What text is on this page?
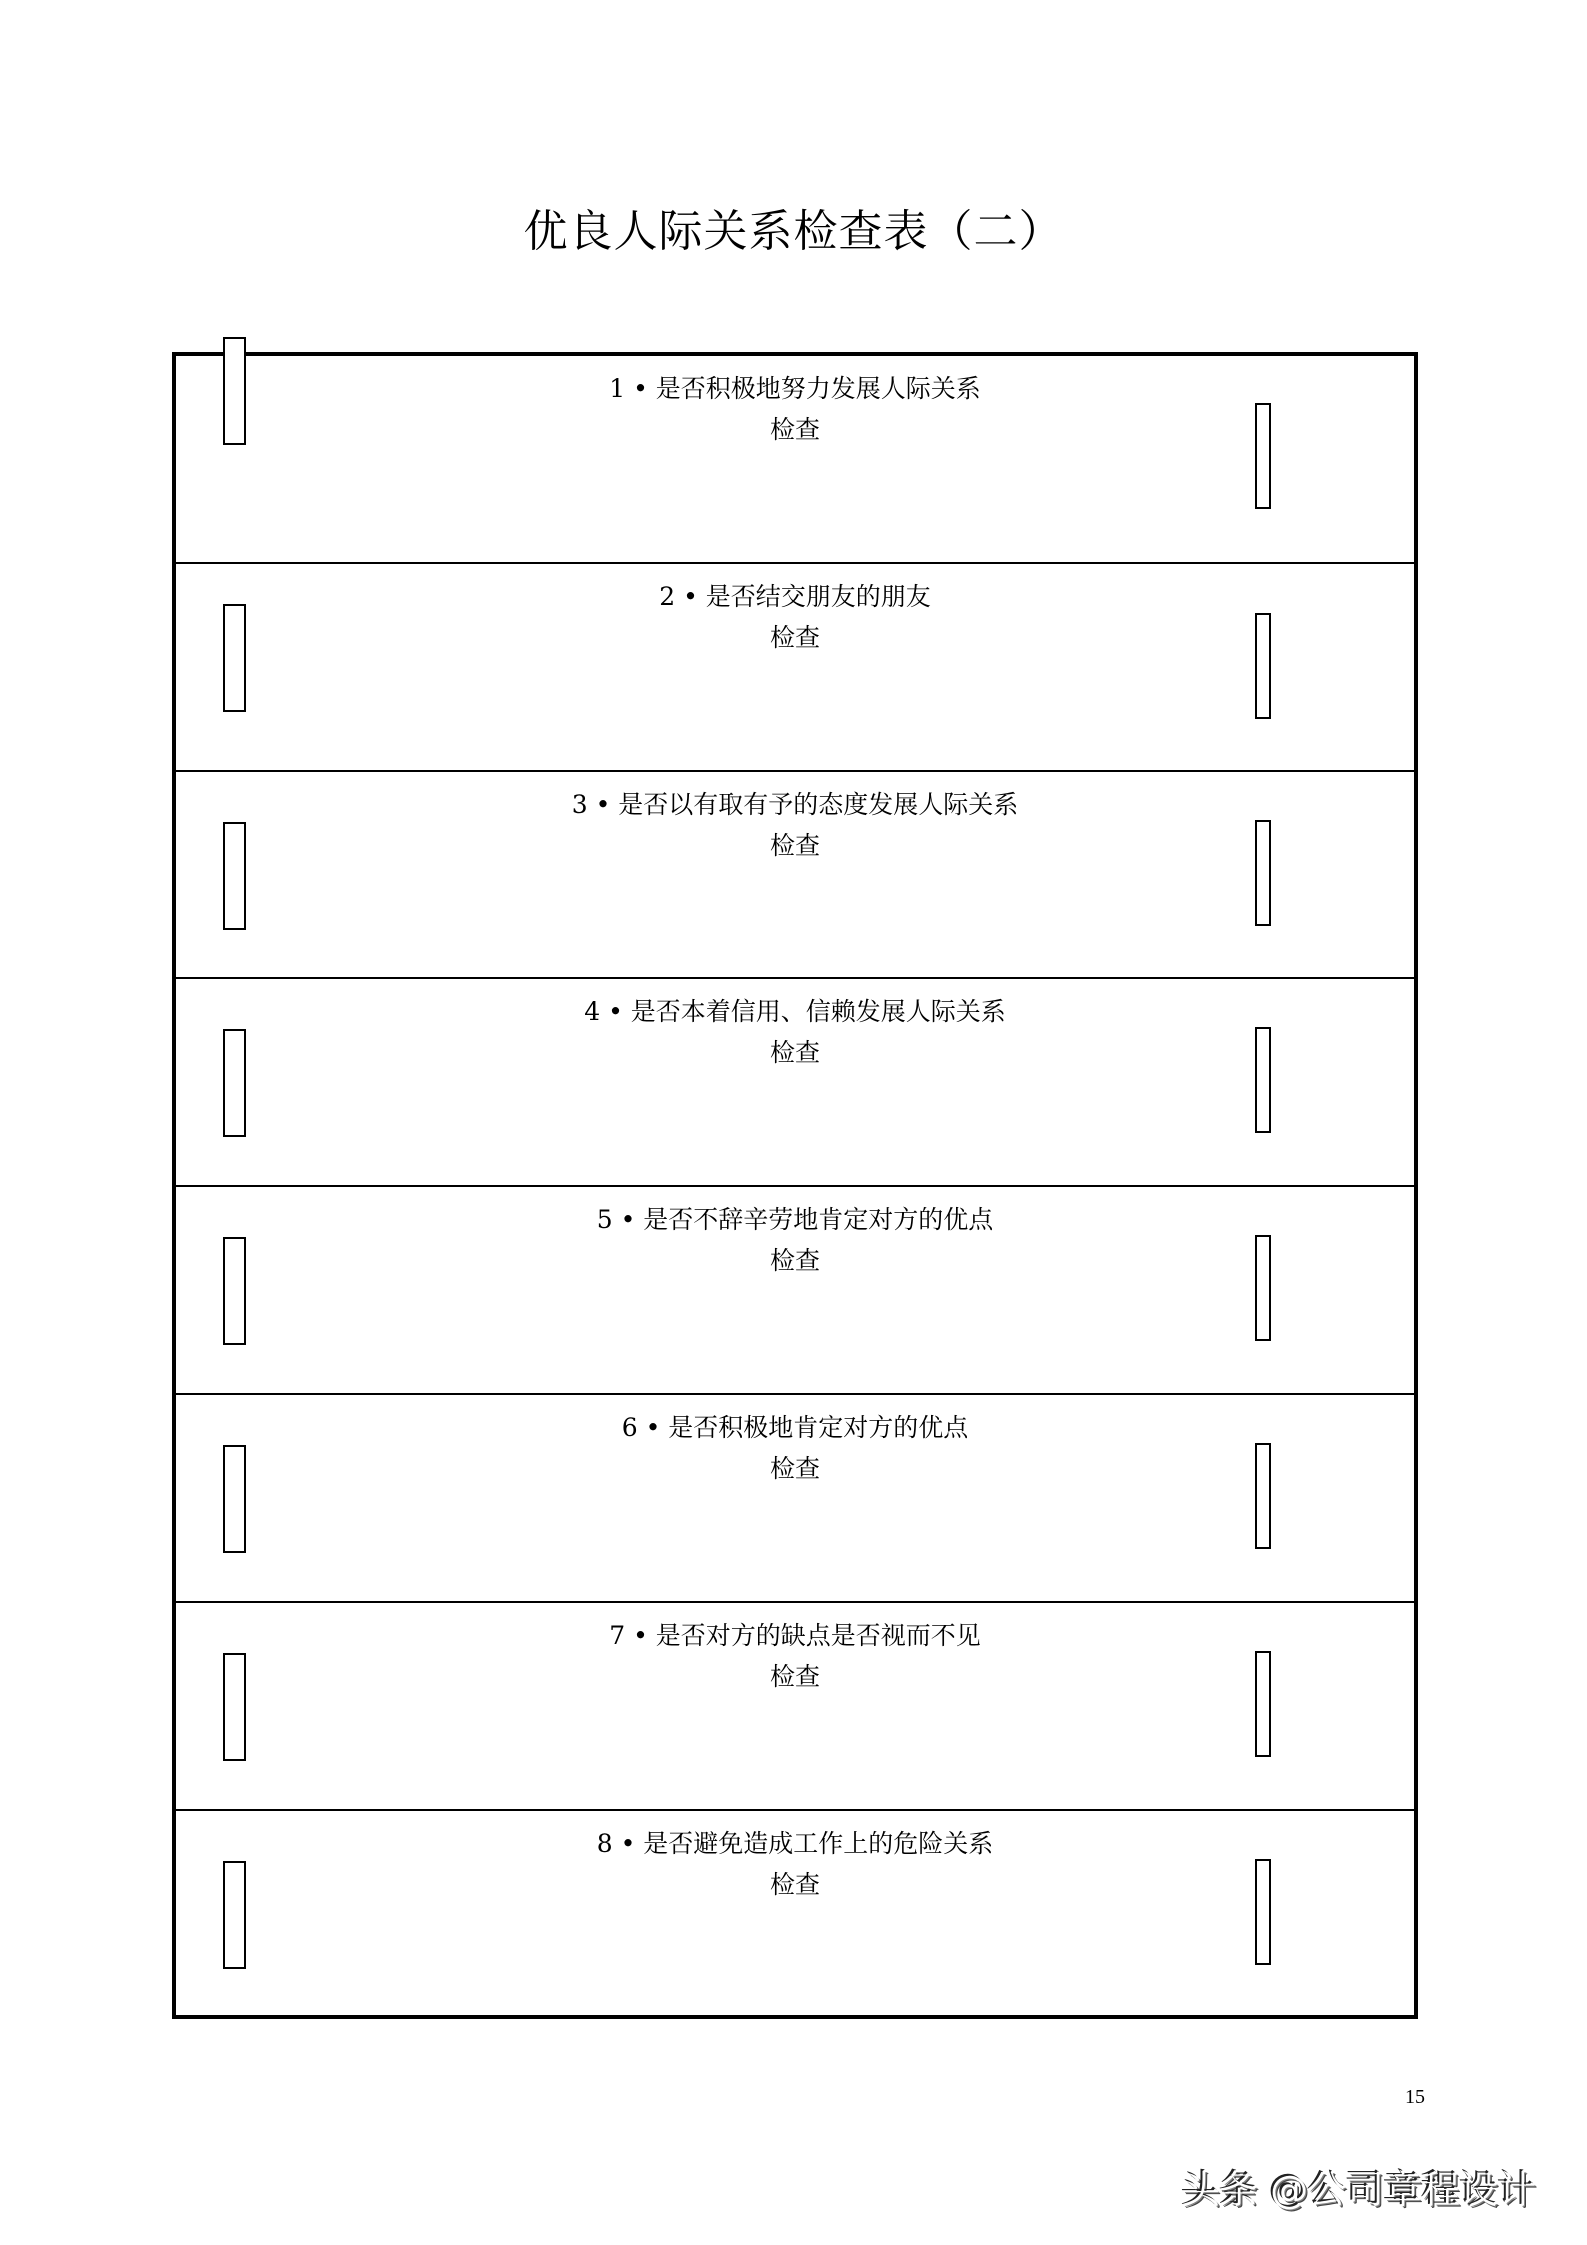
优良人际关系检查表（二）
1 • 是否积极地努力发展人际关系
检查
2 • 是否结交朋友的朋友
检查
3 • 是否以有取有予的态度发展人际关系
检查
4 • 是否本着信用、信赖发展人际关系
检查
5 • 是否不辞辛劳地肯定对方的优点
检查
6 • 是否积极地肯定对方的优点
检查
7 • 是否对方的缺点是否视而不见
检查
8 • 是否避免造成工作上的危险关系
检查
15
头条 @公司章程设计
